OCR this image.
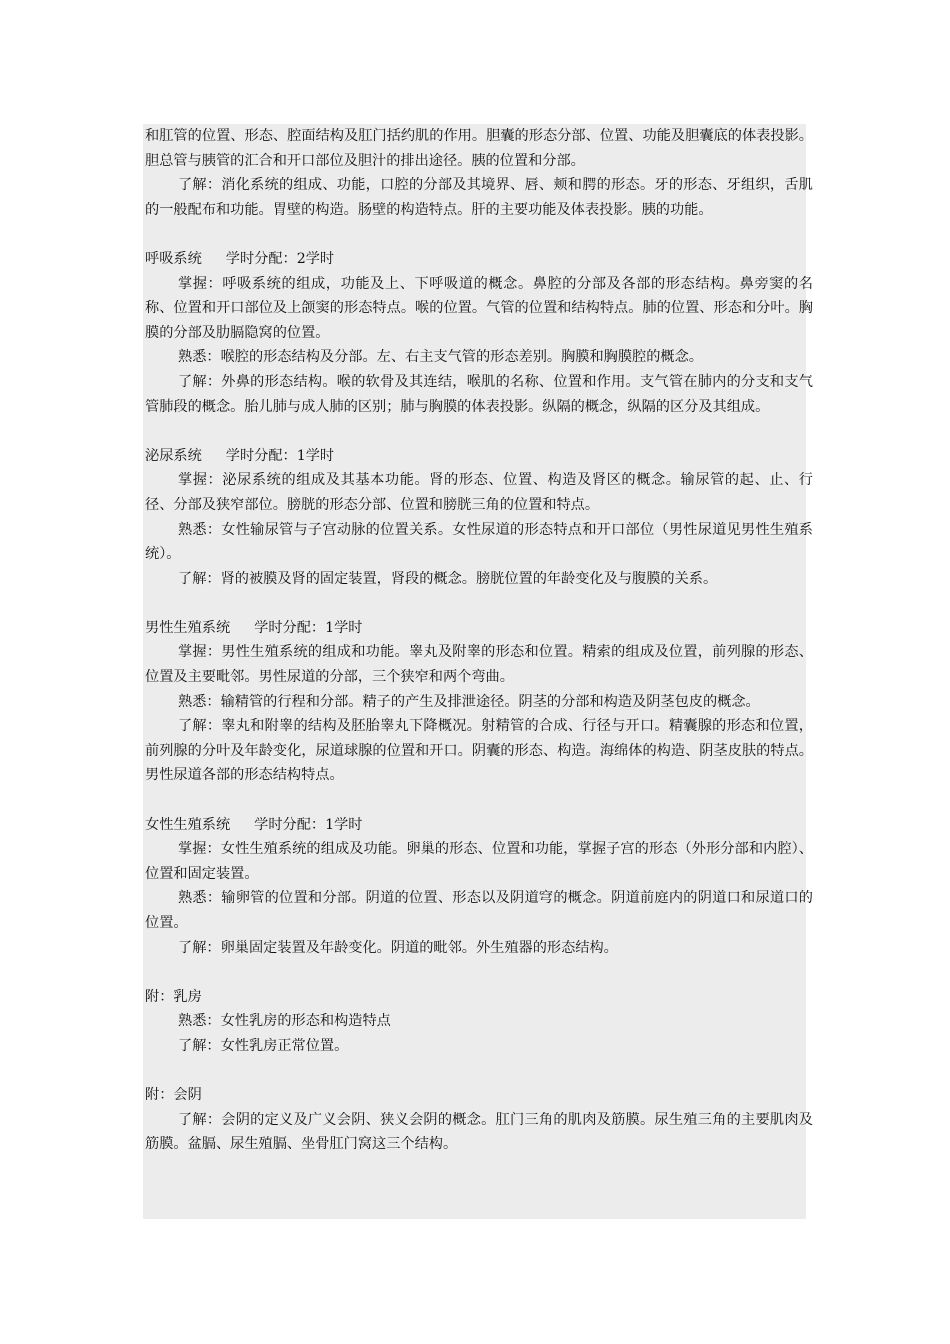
和肛管的位置、形态、腔面结构及肛门括约肌的作用。胆囊的形态分部、位置、功能及胆囊底的体表投影。胆总管与胰管的汇合和开口部位及胆汁的排出途径。胰的位置和分部。

了解：消化系统的组成、功能，口腔的分部及其境界、唇、颊和腭的形态。牙的形态、牙组织，舌肌的一般配布和功能。胃壁的构造。肠壁的构造特点。肝的主要功能及体表投影。胰的功能。

呼吸系统 学时分配：2学时

掌握：呼吸系统的组成，功能及上、下呼吸道的概念。鼻腔的分部及各部的形态结构。鼻旁窦的名称、位置和开口部位及上颌窦的形态特点。喉的位置。气管的位置和结构特点。肺的位置、形态和分叶。胸膜的分部及肋膈隐窝的位置。

熟悉：喉腔的形态结构及分部。左、右主支气管的形态差别。胸膜和胸膜腔的概念。

了解：外鼻的形态结构。喉的软骨及其连结，喉肌的名称、位置和作用。支气管在肺内的分支和支气管肺段的概念。胎儿肺与成人肺的区别；肺与胸膜的体表投影。纵隔的概念，纵隔的区分及其组成。

泌尿系统 学时分配：1学时

掌握：泌尿系统的组成及其基本功能。肾的形态、位置、构造及肾区的概念。输尿管的起、止、行径、分部及狭窄部位。膀胱的形态分部、位置和膀胱三角的位置和特点。

熟悉：女性输尿管与子宫动脉的位置关系。女性尿道的形态特点和开口部位（男性尿道见男性生殖系统）。

了解：肾的被膜及肾的固定装置，肾段的概念。膀胱位置的年龄变化及与腹膜的关系。

男性生殖系统 学时分配：1学时

掌握：男性生殖系统的组成和功能。睾丸及附睾的形态和位置。精索的组成及位置，前列腺的形态、位置及主要毗邻。男性尿道的分部，三个狭窄和两个弯曲。

熟悉：输精管的行程和分部。精子的产生及排泄途径。阴茎的分部和构造及阴茎包皮的概念。

了解：睾丸和附睾的结构及胚胎睾丸下降概况。射精管的合成、行径与开口。精囊腺的形态和位置，前列腺的分叶及年龄变化，尿道球腺的位置和开口。阴囊的形态、构造。海绵体的构造、阴茎皮肤的特点。男性尿道各部的形态结构特点。

女性生殖系统 学时分配：1学时

掌握：女性生殖系统的组成及功能。卵巢的形态、位置和功能，掌握子宫的形态（外形分部和内腔）、位置和固定装置。

熟悉：输卵管的位置和分部。阴道的位置、形态以及阴道穹的概念。阴道前庭内的阴道口和尿道口的位置。

了解：卵巢固定装置及年龄变化。阴道的毗邻。外生殖器的形态结构。

附：乳房

熟悉：女性乳房的形态和构造特点

了解：女性乳房正常位置。

附：会阴

了解：会阴的定义及广义会阴、狭义会阴的概念。肛门三角的肌肉及筋膜。尿生殖三角的主要肌肉及筋膜。盆膈、尿生殖膈、坐骨肛门窝这三个结构。
